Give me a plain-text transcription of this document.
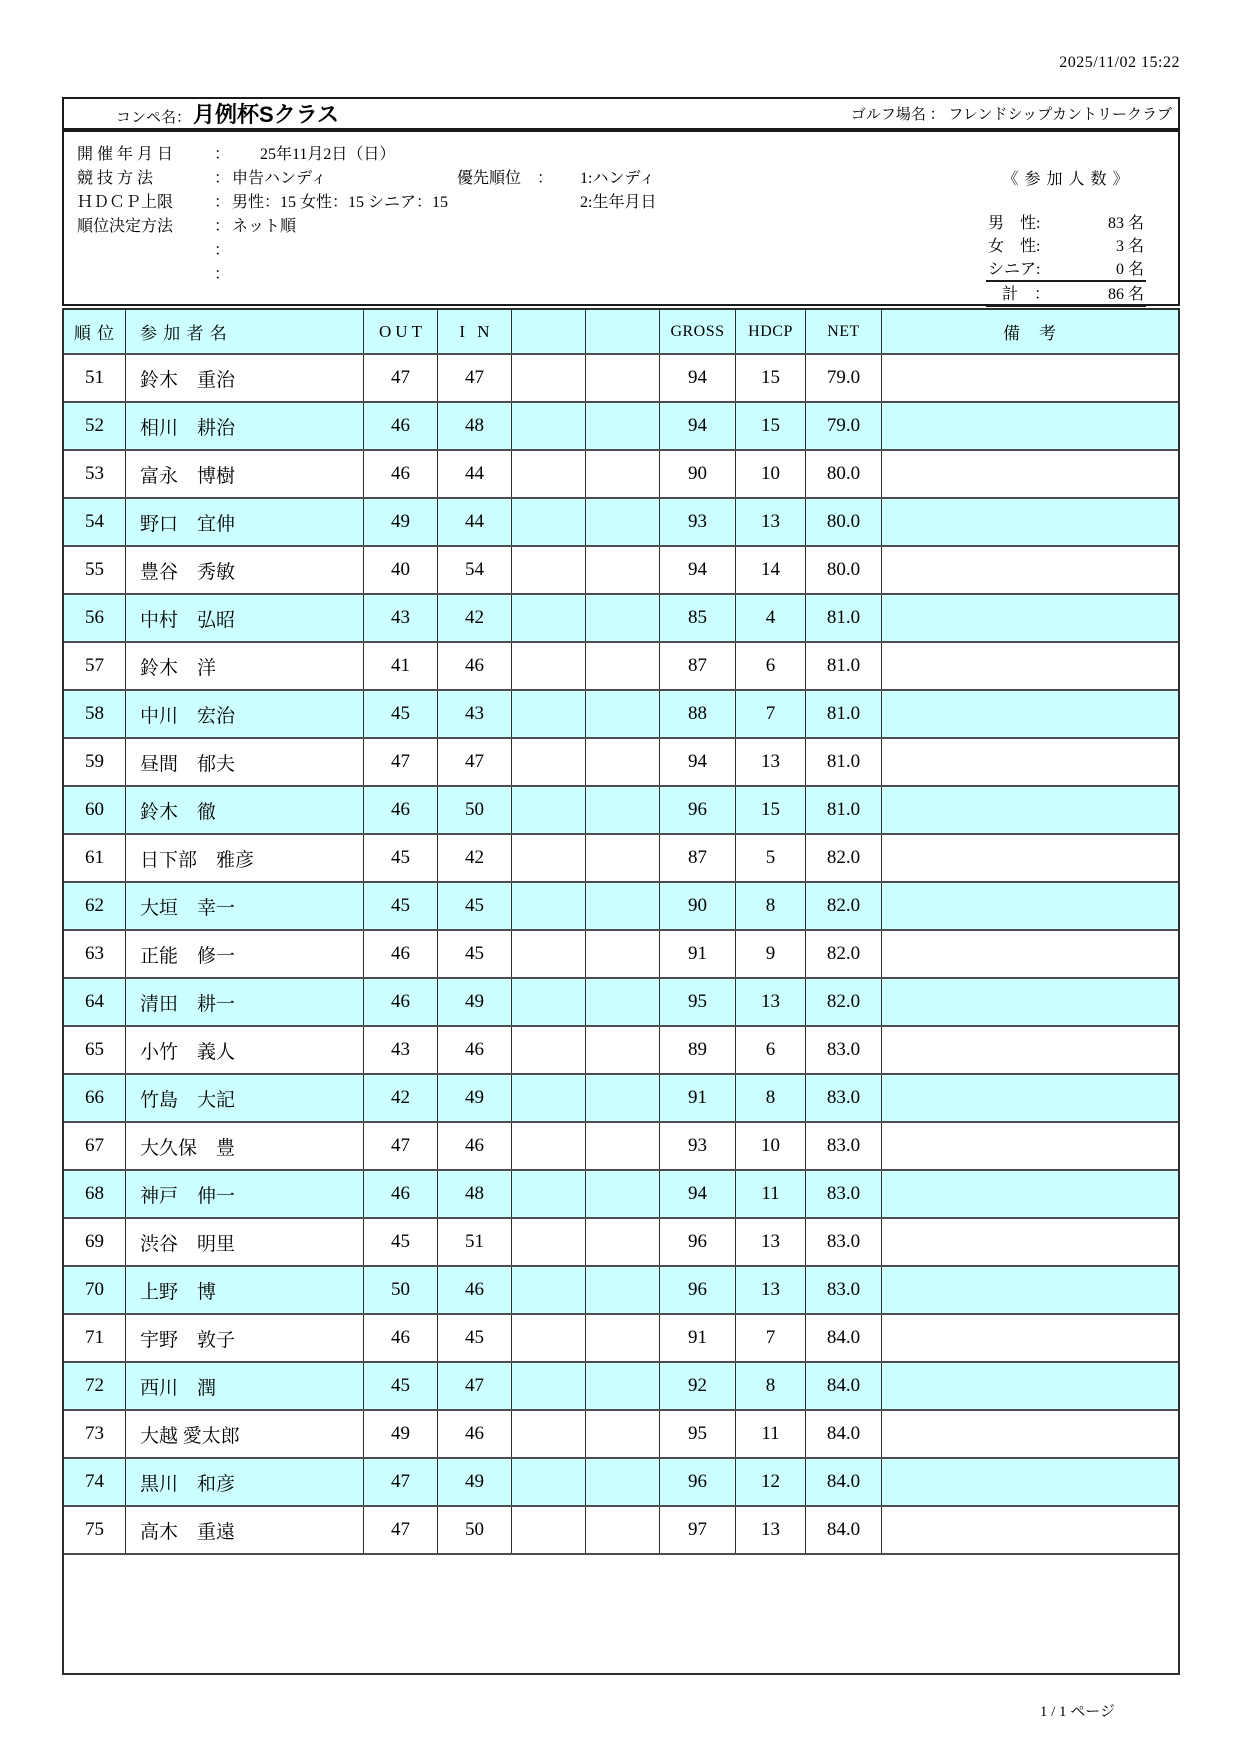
2025/11/02 15:22
コンペ名： 月例杯Sクラス	ゴルフ場名 ： フレンドシップカントリークラブ
開 催 年 月 日	： 25年11月2日（日）
競 技 方 法	： 申告ハンディ	優先順位　： 1:ハンディ
ＨＤＣＰ上限	： 男性：15 女性：15 シニア：15	2:生年月日
順位決定方法	： ネット順
：
：
《 参 加 人 数 》
男　性:	83 名
女　性:	3 名
シニア:	0 名
計　：	86 名
順 位	参 加 者 名	OUT	I N	GROSS	HDCP	NET	備　考
51	鈴木　重治	47	47	94	15	79.0
52	相川　耕治	46	48	94	15	79.0
53	富永　博樹	46	44	90	10	80.0
54	野口　宜伸	49	44	93	13	80.0
55	豊谷　秀敏	40	54	94	14	80.0
56	中村　弘昭	43	42	85	4	81.0
57	鈴木　洋	41	46	87	6	81.0
58	中川　宏治	45	43	88	7	81.0
59	昼間　郁夫	47	47	94	13	81.0
60	鈴木　徹	46	50	96	15	81.0
61	日下部　雅彦	45	42	87	5	82.0
62	大垣　幸一	45	45	90	8	82.0
63	正能　修一	46	45	91	9	82.0
64	清田　耕一	46	49	95	13	82.0
65	小竹　義人	43	46	89	6	83.0
66	竹島　大記	42	49	91	8	83.0
67	大久保　豊	47	46	93	10	83.0
68	神戸　伸一	46	48	94	11	83.0
69	渋谷　明里	45	51	96	13	83.0
70	上野　博	50	46	96	13	83.0
71	宇野　敦子	46	45	91	7	84.0
72	西川　潤	45	47	92	8	84.0
73	大越 愛太郎	49	46	95	11	84.0
74	黒川　和彦	47	49	96	12	84.0
75	高木　重遠	47	50	97	13	84.0
1 / 1 ページ
